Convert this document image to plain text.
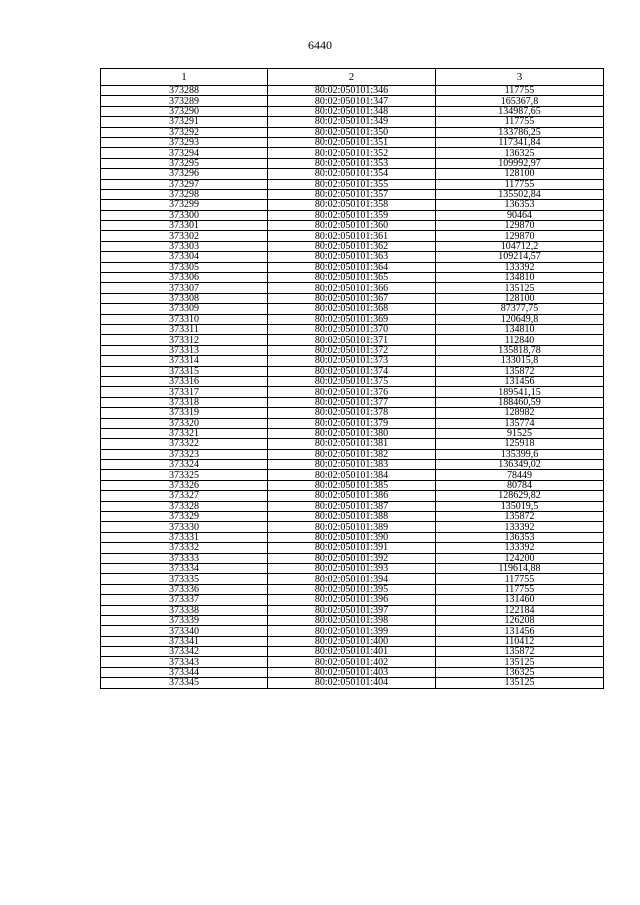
6440
1	2	3
373288	80:02:050101:346	117755
373289	80:02:050101:347	165367,8
373290	80:02:050101:348	134987,65
373291	80:02:050101:349	117755
373292	80:02:050101:350	133786,25
373293	80:02:050101:351	117341,84
373294	80:02:050101:352	136325
373295	80:02:050101:353	109992,97
373296	80:02:050101:354	128100
373297	80:02:050101:355	117755
373298	80:02:050101:357	135502,84
373299	80:02:050101:358	136353
373300	80:02:050101:359	90464
373301	80:02:050101:360	129870
373302	80:02:050101:361	129870
373303	80:02:050101:362	104712,2
373304	80:02:050101:363	109214,57
373305	80:02:050101:364	133392
373306	80:02:050101:365	134810
373307	80:02:050101:366	135125
373308	80:02:050101:367	128100
373309	80:02:050101:368	87377,75
373310	80:02:050101:369	120649,8
373311	80:02:050101:370	134810
373312	80:02:050101:371	112840
373313	80:02:050101:372	135818,78
373314	80:02:050101:373	133015,8
373315	80:02:050101:374	135872
373316	80:02:050101:375	131456
373317	80:02:050101:376	189541,15
373318	80:02:050101:377	188460,59
373319	80:02:050101:378	128982
373320	80:02:050101:379	135774
373321	80:02:050101:380	91525
373322	80:02:050101:381	125918
373323	80:02:050101:382	135399,6
373324	80:02:050101:383	136349,02
373325	80:02:050101:384	78449
373326	80:02:050101:385	80784
373327	80:02:050101:386	128629,82
373328	80:02:050101:387	135019,5
373329	80:02:050101:388	135872
373330	80:02:050101:389	133392
373331	80:02:050101:390	136353
373332	80:02:050101:391	133392
373333	80:02:050101:392	124200
373334	80:02:050101:393	119614,88
373335	80:02:050101:394	117755
373336	80:02:050101:395	117755
373337	80:02:050101:396	131460
373338	80:02:050101:397	122184
373339	80:02:050101:398	126208
373340	80:02:050101:399	131456
373341	80:02:050101:400	110412
373342	80:02:050101:401	135872
373343	80:02:050101:402	135125
373344	80:02:050101:403	136325
373345	80:02:050101:404	135125
